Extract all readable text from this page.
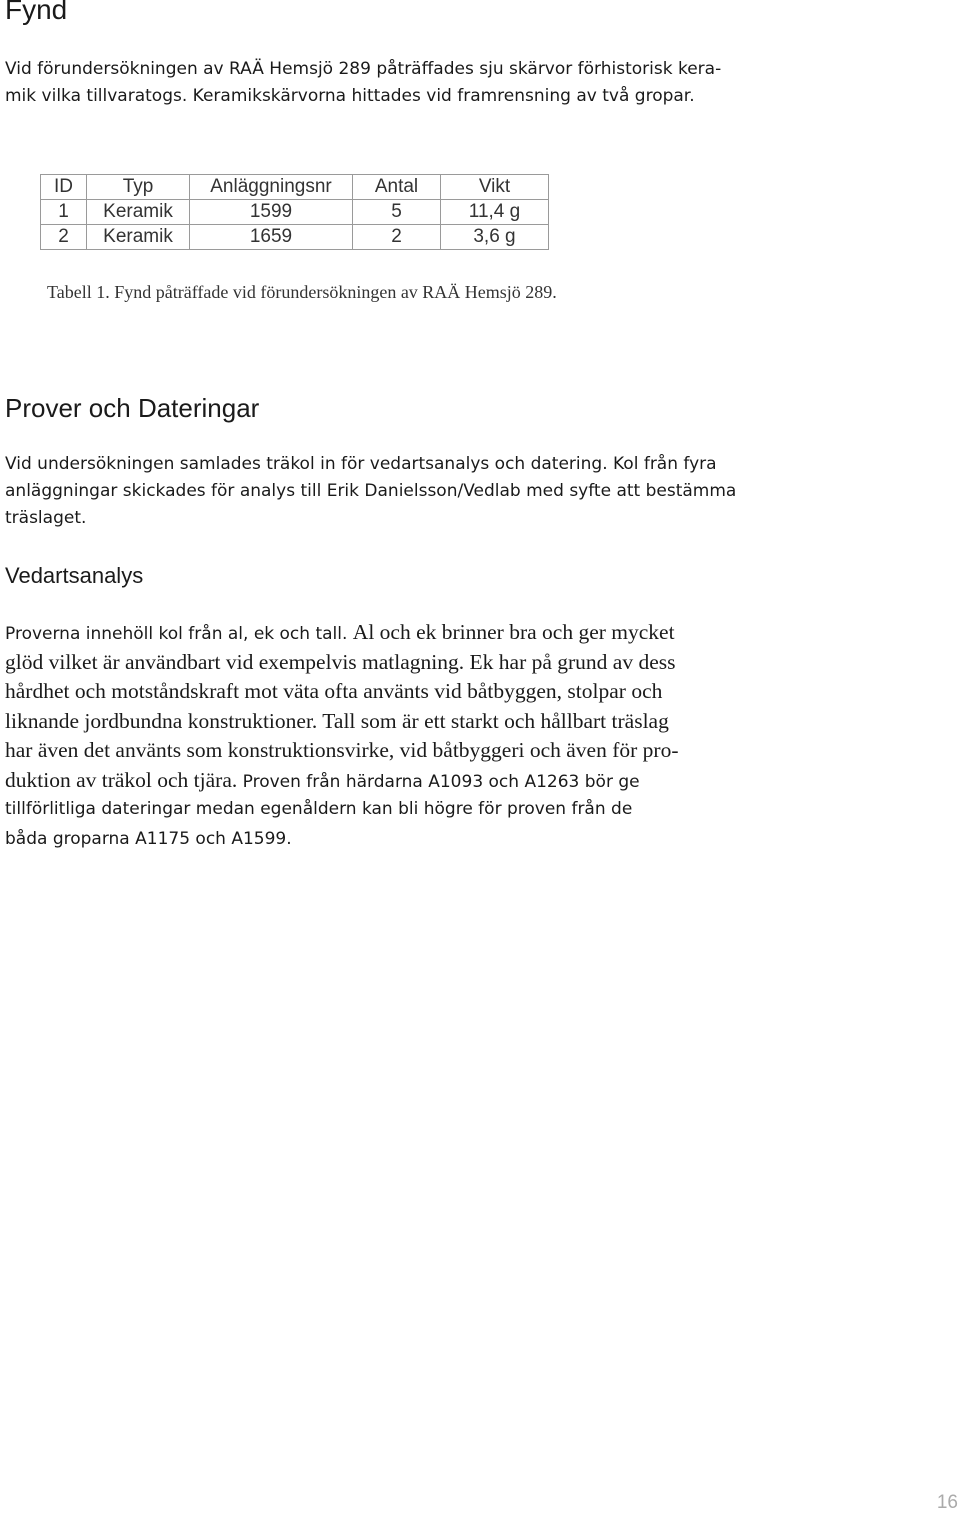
Fynd

Vid förundersökningen av RAÄ Hemsjö 289 påträffades sju skärvor förhistorisk kera-
mik vilka tillvaratogs. Keramikskärvorna hittades vid framrensning av två gropar.

ID	Typ	Anläggningsnr	Antal	Vikt
1	Keramik	1599	5	11,4 g
2	Keramik	1659	2	3,6 g

Tabell 1. Fynd påträffade vid förundersökningen av RAÄ Hemsjö 289.

Prover och Dateringar

Vid undersökningen samlades träkol in för vedartsanalys och datering. Kol från fyra
anläggningar skickades för analys till Erik Danielsson/Vedlab med syfte att bestämma
träslaget.

Vedartsanalys
Proverna innehöll kol från al, ek och tall. Al och ek brinner bra och ger mycket
glöd vilket är användbart vid exempelvis matlagning. Ek har på grund av dess
hårdhet och motståndskraft mot väta ofta använts vid båtbyggen, stolpar och
liknande jordbundna konstruktioner. Tall som är ett starkt och hållbart träslag
har även det använts som konstruktionsvirke, vid båtbyggeri och även för pro-
duktion av träkol och tjära. Proven från härdarna A1093 och A1263 bör ge
tillförlitliga dateringar medan egenåldern kan bli högre för proven från de
båda groparna A1175 och A1599.
16
